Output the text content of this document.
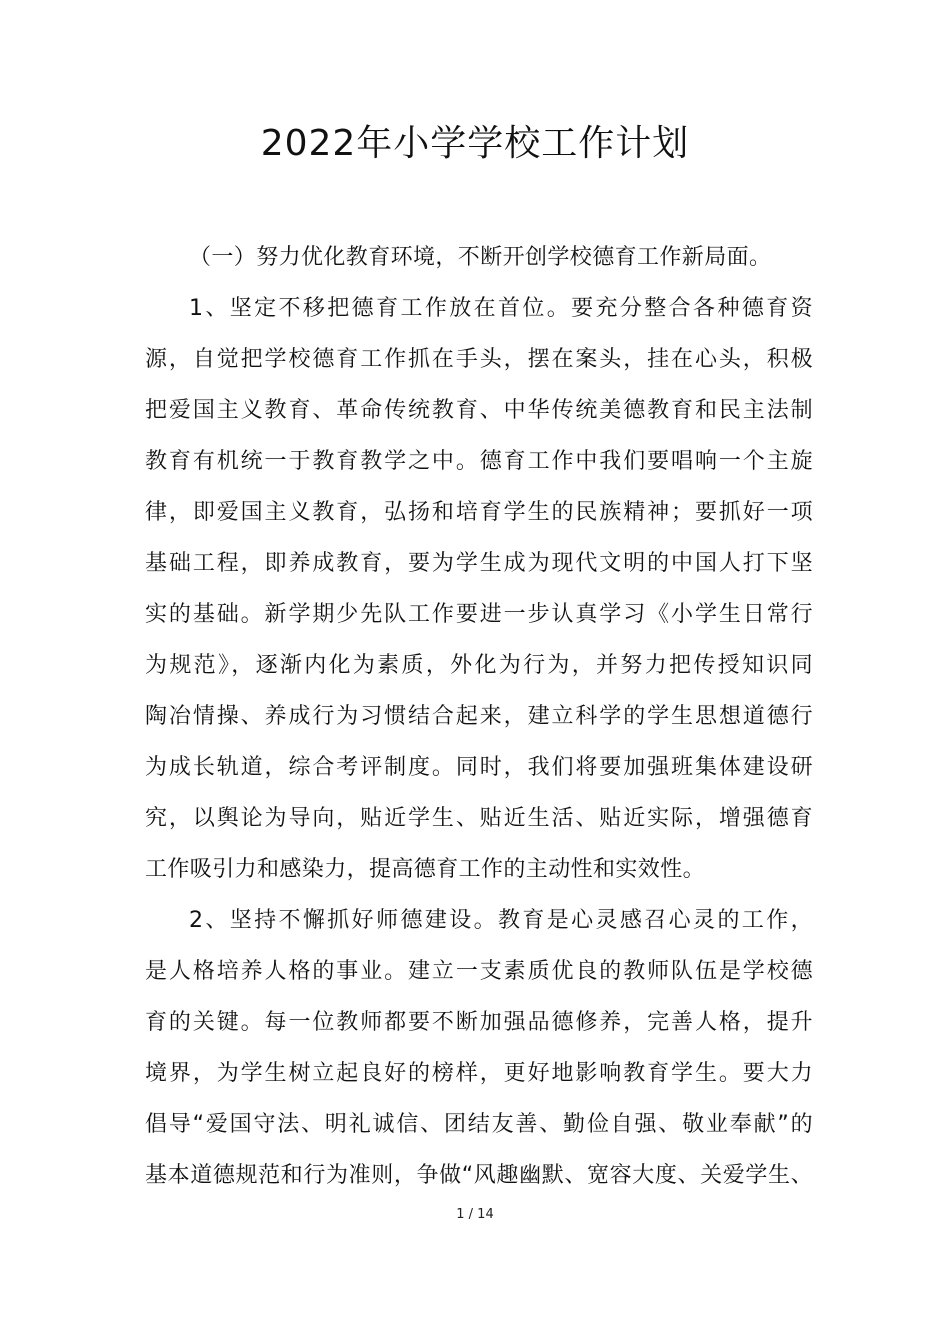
2022年小学学校工作计划
（一）努力优化教育环境，不断开创学校德育工作新局面。
1、坚定不移把德育工作放在首位。要充分整合各种德育资
源，自觉把学校德育工作抓在手头，摆在案头，挂在心头，积极
把爱国主义教育、革命传统教育、中华传统美德教育和民主法制
教育有机统一于教育教学之中。德育工作中我们要唱响一个主旋
律，即爱国主义教育，弘扬和培育学生的民族精神；要抓好一项
基础工程，即养成教育，要为学生成为现代文明的中国人打下坚
实的基础。新学期少先队工作要进一步认真学习《小学生日常行
为规范》，逐渐内化为素质，外化为行为，并努力把传授知识同
陶冶情操、养成行为习惯结合起来，建立科学的学生思想道德行
为成长轨道，综合考评制度。同时，我们将要加强班集体建设研
究，以舆论为导向，贴近学生、贴近生活、贴近实际，增强德育
工作吸引力和感染力，提高德育工作的主动性和实效性。
2、坚持不懈抓好师德建设。教育是心灵感召心灵的工作，
是人格培养人格的事业。建立一支素质优良的教师队伍是学校德
育的关键。每一位教师都要不断加强品德修养，完善人格，提升
境界，为学生树立起良好的榜样，更好地影响教育学生。要大力
倡导“爱国守法、明礼诚信、团结友善、勤俭自强、敬业奉献”的
基本道德规范和行为准则，争做“风趣幽默、宽容大度、关爱学生、
1 / 14
